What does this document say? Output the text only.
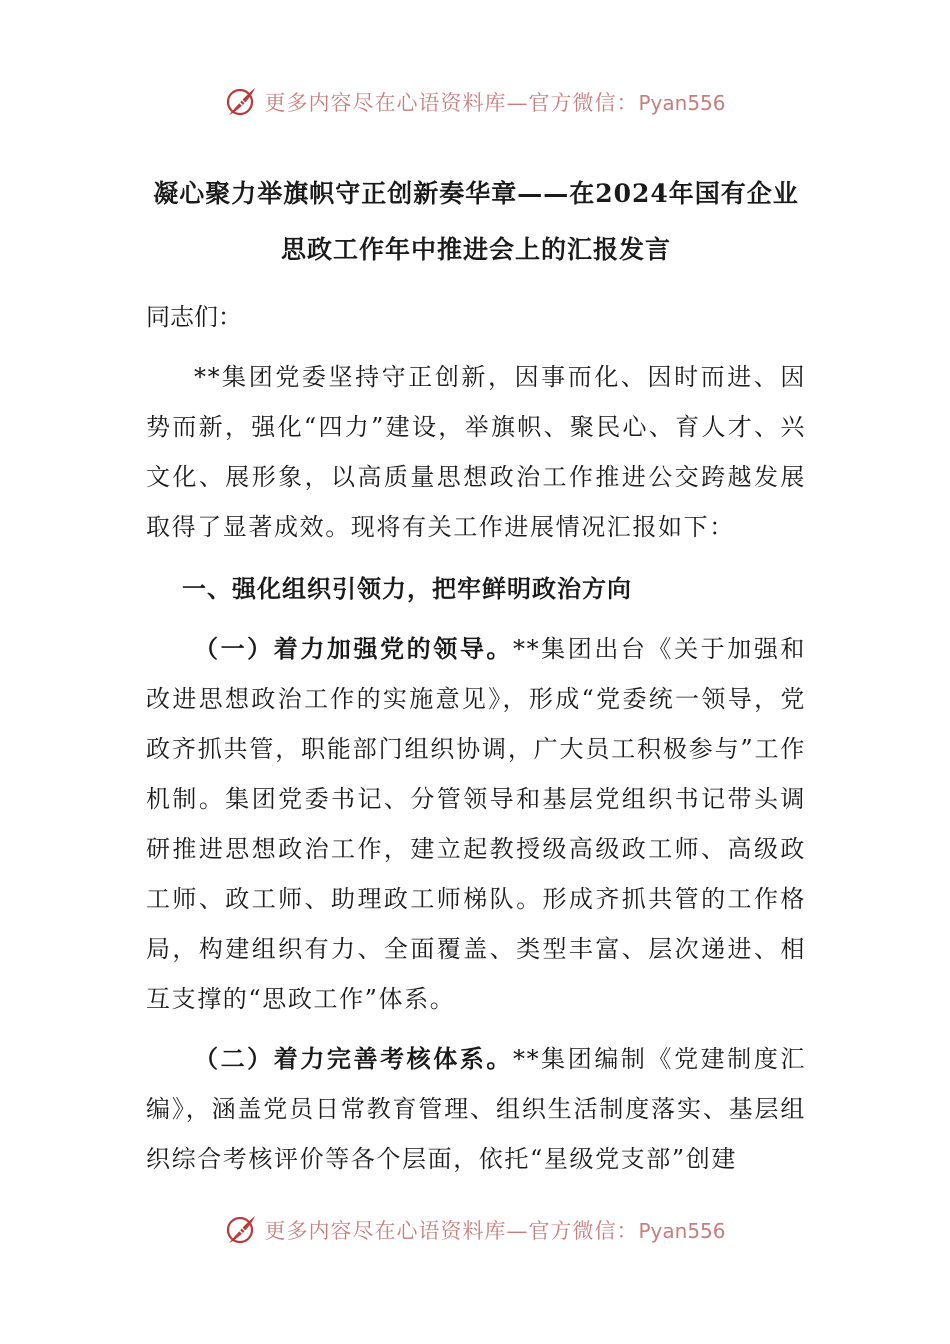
更多内容尽在心语资料库—官方微信：Pyan556
凝心聚力举旗帜守正创新奏华章——在2024年国有企业思政工作年中推进会上的汇报发言
同志们：

**集团党委坚持守正创新，因事而化、因时而进、因势而新，强化“四力”建设，举旗帜、聚民心、育人才、兴文化、展形象，以高质量思想政治工作推进公交跨越发展取得了显著成效。现将有关工作进展情况汇报如下：

一、强化组织引领力，把牢鲜明政治方向

（一）着力加强党的领导。**集团出台《关于加强和改进思想政治工作的实施意见》，形成“党委统一领导，党政齐抓共管，职能部门组织协调，广大员工积极参与”工作机制。集团党委书记、分管领导和基层党组织书记带头调研推进思想政治工作，建立起教授级高级政工师、高级政工师、政工师、助理政工师梯队。形成齐抓共管的工作格局，构建组织有力、全面覆盖、类型丰富、层次递进、相互支撑的“思政工作”体系。

（二）着力完善考核体系。**集团编制《党建制度汇编》，涵盖党员日常教育管理、组织生活制度落实、基层组织综合考核评价等各个层面，依托“星级党支部”创建

更多内容尽在心语资料库—官方微信：Pyan556
